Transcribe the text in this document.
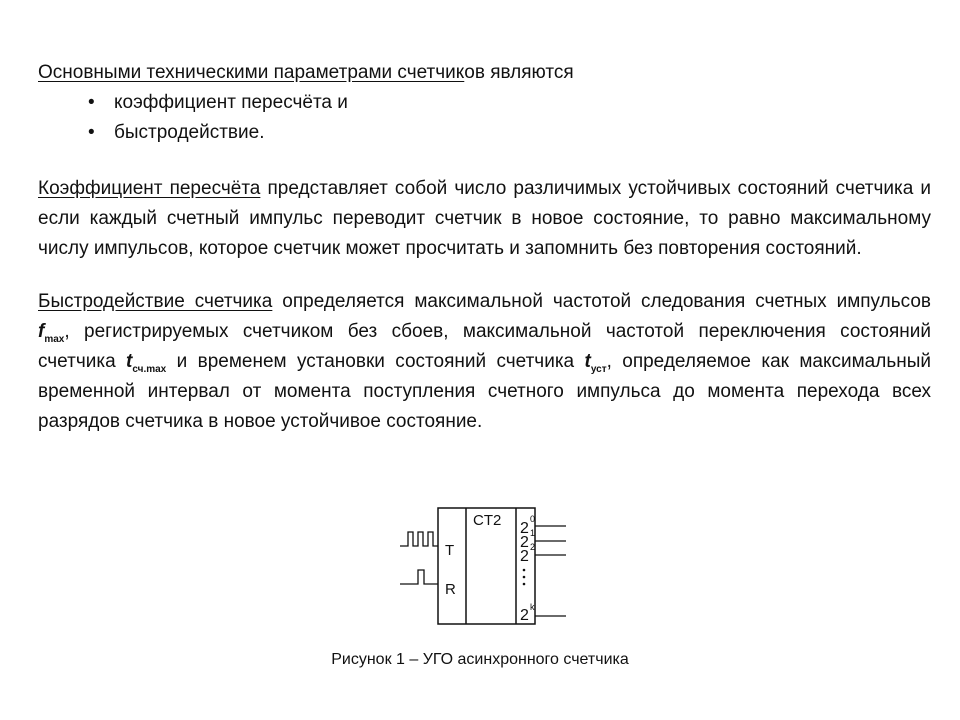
Основными техническими параметрами счетчиков являются

• коэффициент пересчёта и
• быстродействие.

Коэффициент пересчёта представляет собой число различимых устойчивых состояний счетчика и если каждый счетный импульс переводит счетчик в новое состояние, то равно максимальному числу импульсов, которое счетчик может просчитать и запомнить без повторения состояний.

Быстродействие счетчика определяется максимальной частотой следования счетных импульсов $f_{max}$, регистрируемых счетчиком без сбоев, максимальной частотой переключения состояний счетчика $t_{сч.max}$ и временем установки состояний счетчика $t_{уст}$, определяемое как максимальный временной интервал от момента поступления счетного импульса до момента перехода всех разрядов счетчика в новое устойчивое состояние.

T
R
CT2 2
0
2
1
2
2
2 k
Рисунок 1 – УГО асинхронного счетчика
